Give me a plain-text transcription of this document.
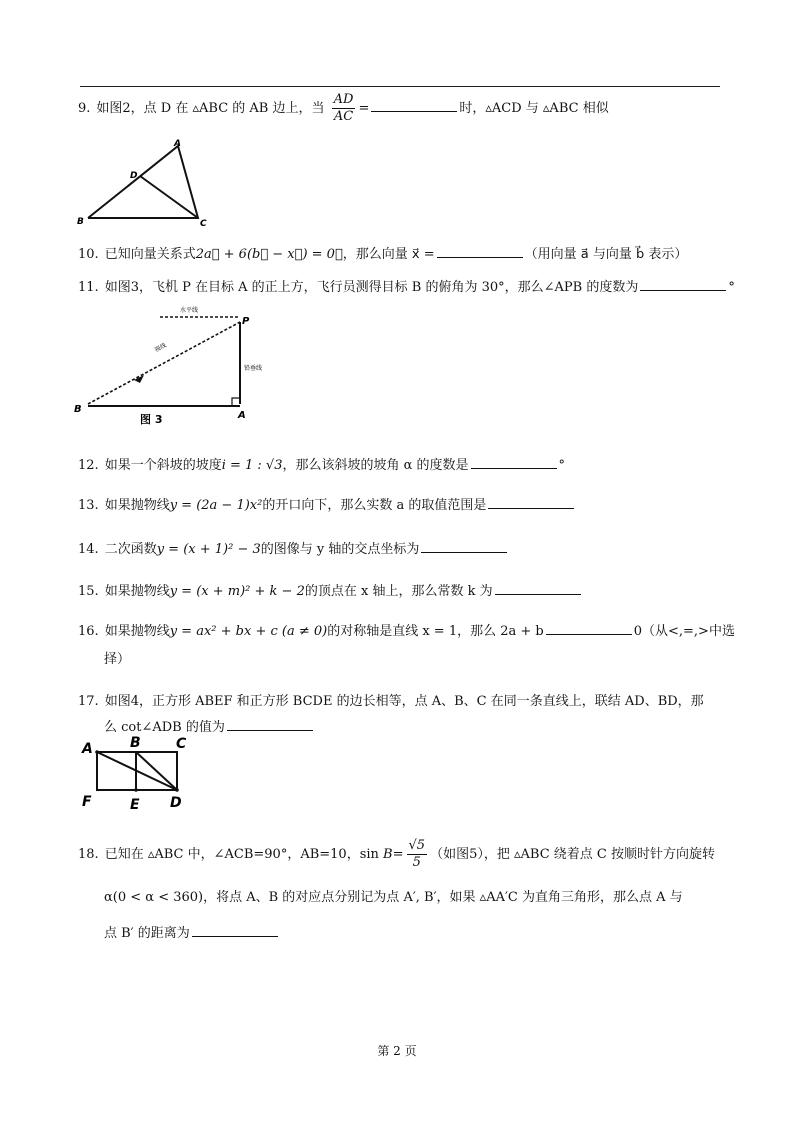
9. 如图2，点 D 在 ▵ABC 的 AB 边上，当 $\frac{AD}{AC}$ =	时，▵ACD 与 ▵ABC 相似
A
B	C
D
10. 已知向量关系式2a⃗ + 6(b⃗ − x⃗) = 0⃗，那么向量 x⃗ =	（用向量 a⃗ 与向量 b⃗ 表示）
11. 如图3，飞机 P 在目标 A 的正上方，飞行员测得目标 B 的俯角为 30°，那么∠APB 的度数为	°
P
A
B
图 3
水平线
视线
铅垂线
12. 如果一个斜坡的坡度i = 1 : √3，那么该斜坡的坡角 α 的度数是	°
13. 如果抛物线y = (2a − 1)x²的开口向下，那么实数 a 的取值范围是
14. 二次函数y = (x + 1)² − 3的图像与 y 轴的交点坐标为
15. 如果抛物线y = (x + m)² + k − 2的顶点在 x 轴上，那么常数 k 为
16. 如果抛物线y = ax² + bx + c (a ≠ 0)的对称轴是直线 x = 1，那么 2a + b	0（从<,=,>中选
择）
17. 如图4，正方形 ABEF 和正方形 BCDE 的边长相等，点 A、B、C 在同一条直线上，联结 AD、BD，那
么 cot∠ADB 的值为
A	B	C
F	E D
18. 已知在 ▵ABC 中，∠ACB=90°，AB=10，$\sin B= \frac{√5}{5}$ （如图5），把 ▵ABC 绕着点 C 按顺时针方向旋转
α(0 < α < 360)，将点 A、B 的对应点分别记为点 A′, B′，如果 ▵AA′C 为直角三角形，那么点 A 与
点 B′ 的距离为
第 2 页
